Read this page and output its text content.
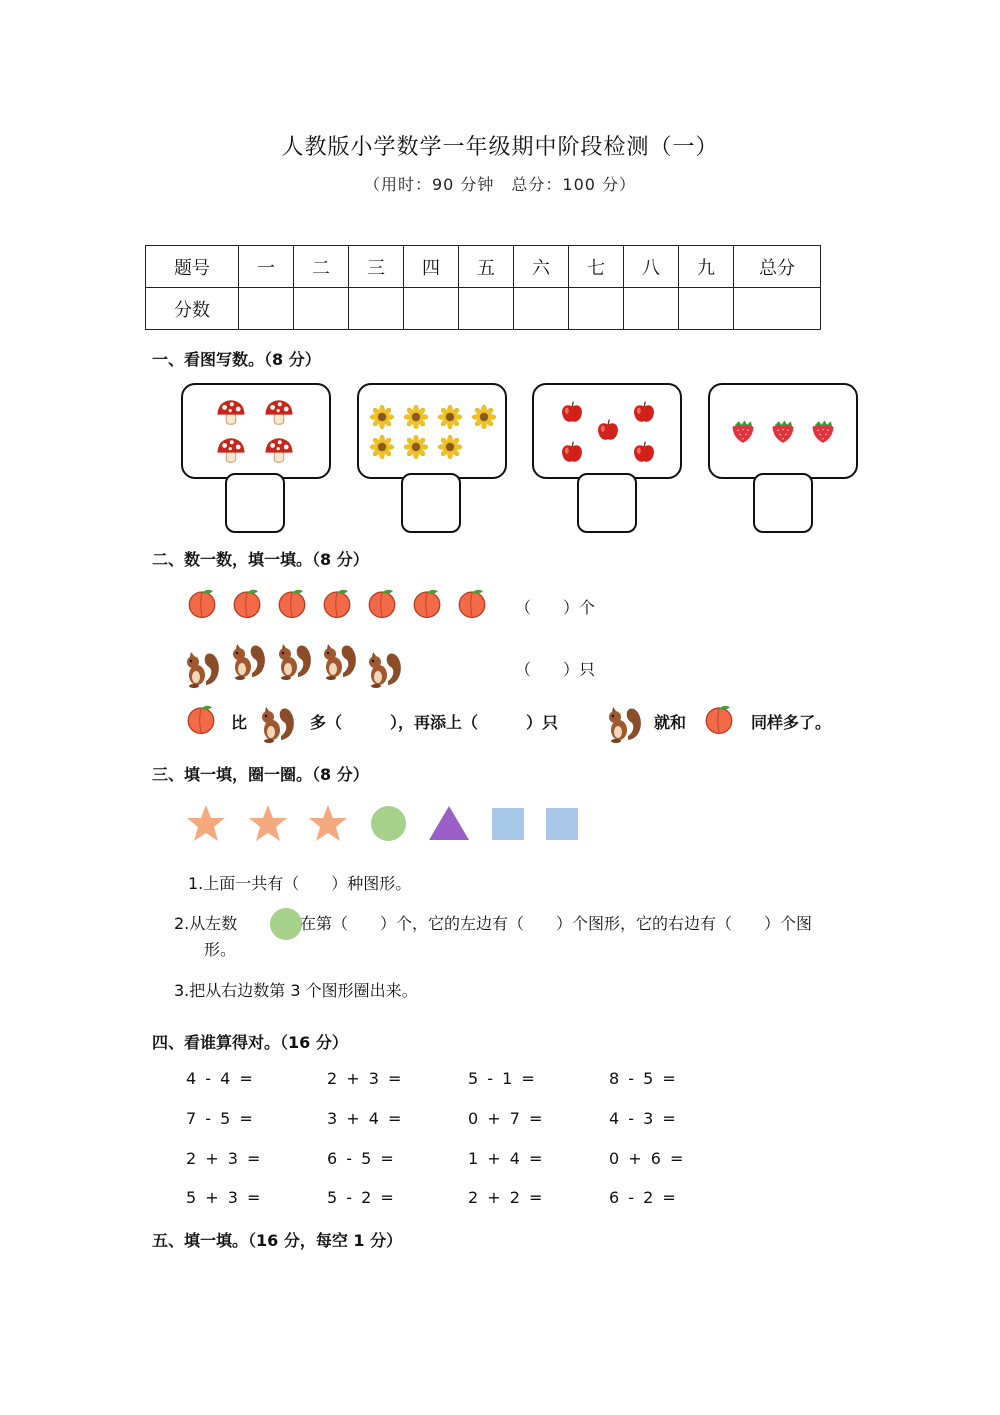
人教版小学数学一年级期中阶段检测（一）
（用时：90 分钟　总分：100 分）
题号	一	二	三	四	五	六	七	八	九	总分
分数										
一、看图写数。（8 分）
二、数一数，填一填。（8 分）
（　　）个
（　　）只
比	多（　　　），再添上（　　　）只	就和	同样多了。
三、填一填，圈一圈。（8 分）
1.上面一共有（　　）种图形。
2.从左数	在第（　　）个，它的左边有（　　）个图形，它的右边有（　　）个图
形。
3.把从右边数第 3 个图形圈出来。
四、看谁算得对。（16 分）
4 - 4 =	2 + 3 =	5 - 1 =	8 - 5 =
7 - 5 =	3 + 4 =	0 + 7 =	4 - 3 =
2 + 3 =	6 - 5 =	1 + 4 =	0 + 6 =
5 + 3 =	5 - 2 =	2 + 2 =	6 - 2 =
五、填一填。（16 分，每空 1 分）
